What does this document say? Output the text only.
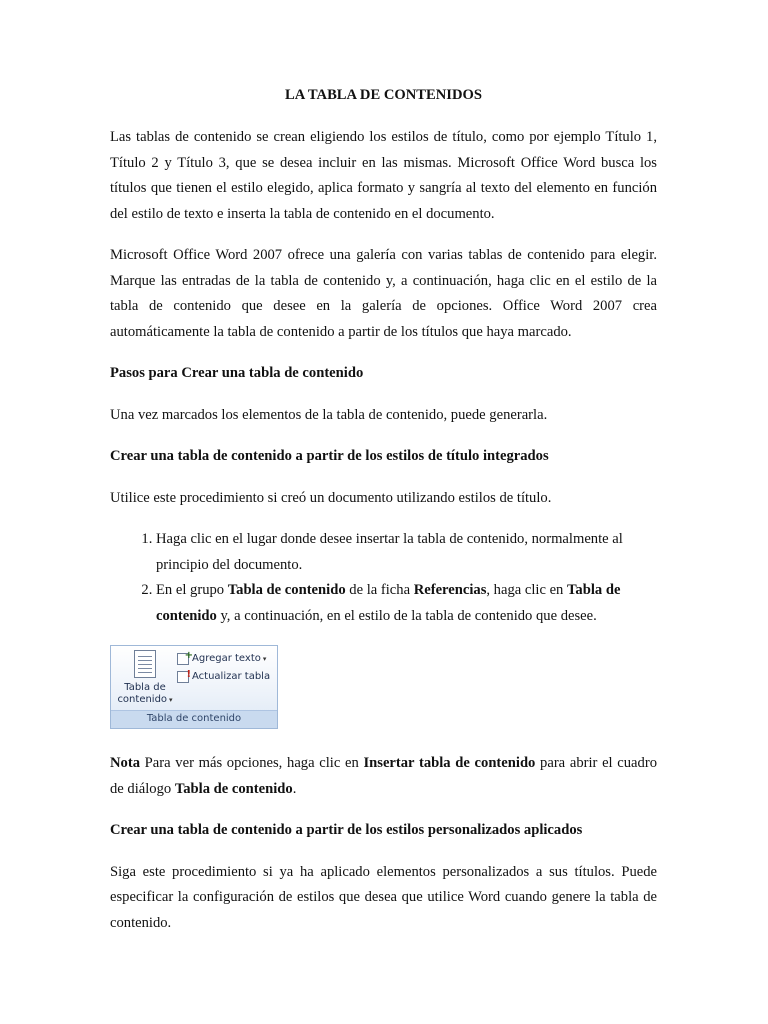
LA TABLA DE CONTENIDOS

Las tablas de contenido se crean eligiendo los estilos de título, como por ejemplo Título 1, Título 2 y Título 3, que se desea incluir en las mismas. Microsoft Office Word busca los títulos que tienen el estilo elegido, aplica formato y sangría al texto del elemento en función del estilo de texto e inserta la tabla de contenido en el documento.

Microsoft Office Word 2007 ofrece una galería con varias tablas de contenido para elegir. Marque las entradas de la tabla de contenido y, a continuación, haga clic en el estilo de la tabla de contenido que desee en la galería de opciones. Office Word 2007 crea automáticamente la tabla de contenido a partir de los títulos que haya marcado.

Pasos para Crear una tabla de contenido

Una vez marcados los elementos de la tabla de contenido, puede generarla.

Crear una tabla de contenido a partir de los estilos de título integrados

Utilice este procedimiento si creó un documento utilizando estilos de título.

1. Haga clic en el lugar donde desee insertar la tabla de contenido, normalmente al principio del documento.
2. En el grupo Tabla de contenido de la ficha Referencias, haga clic en Tabla de contenido y, a continuación, en el estilo de la tabla de contenido que desee.
Tabla de
contenido ▾
+
Agregar texto ▾
!
Actualizar tabla
Tabla de contenido

Nota Para ver más opciones, haga clic en Insertar tabla de contenido para abrir el cuadro de diálogo Tabla de contenido.

Crear una tabla de contenido a partir de los estilos personalizados aplicados

Siga este procedimiento si ya ha aplicado elementos personalizados a sus títulos. Puede especificar la configuración de estilos que desea que utilice Word cuando genere la tabla de contenido.
